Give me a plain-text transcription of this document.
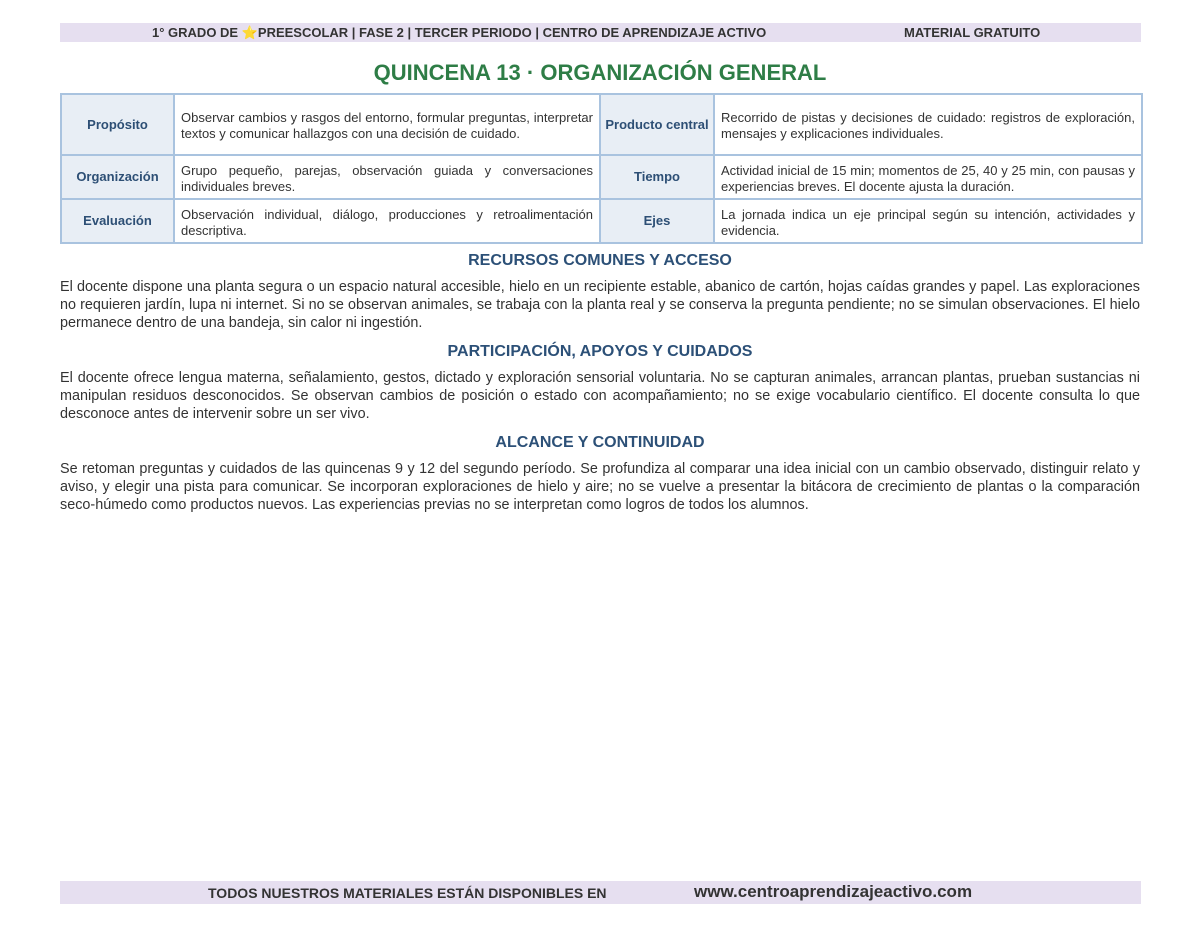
1° GRADO DE ⭐PREESCOLAR | FASE 2 | TERCER PERIODO | CENTRO DE APRENDIZAJE ACTIVO	MATERIAL GRATUITO
QUINCENA 13 · ORGANIZACIÓN GENERAL
Propósito	Observar cambios y rasgos del entorno, formular preguntas, interpretar textos y comunicar hallazgos con una decisión de cuidado.	Producto central	Recorrido de pistas y decisiones de cuidado: registros de exploración, mensajes y explicaciones individuales.
Organización	Grupo pequeño, parejas, observación guiada y conversaciones individuales breves.	Tiempo	Actividad inicial de 15 min; momentos de 25, 40 y 25 min, con pausas y experiencias breves. El docente ajusta la duración.
Evaluación	Observación individual, diálogo, producciones y retroalimentación descriptiva.	Ejes	La jornada indica un eje principal según su intención, actividades y evidencia.
RECURSOS COMUNES Y ACCESO
El docente dispone una planta segura o un espacio natural accesible, hielo en un recipiente estable, abanico de cartón, hojas caídas grandes y papel. Las exploraciones no requieren jardín, lupa ni internet. Si no se observan animales, se trabaja con la planta real y se conserva la pregunta pendiente; no se simulan observaciones. El hielo permanece dentro de una bandeja, sin calor ni ingestión.
PARTICIPACIÓN, APOYOS Y CUIDADOS
El docente ofrece lengua materna, señalamiento, gestos, dictado y exploración sensorial voluntaria. No se capturan animales, arrancan plantas, prueban sustancias ni manipulan residuos desconocidos. Se observan cambios de posición o estado con acompañamiento; no se exige vocabulario científico. El docente consulta lo que desconoce antes de intervenir sobre un ser vivo.
ALCANCE Y CONTINUIDAD
Se retoman preguntas y cuidados de las quincenas 9 y 12 del segundo período. Se profundiza al comparar una idea inicial con un cambio observado, distinguir relato y aviso, y elegir una pista para comunicar. Se incorporan exploraciones de hielo y aire; no se vuelve a presentar la bitácora de crecimiento de plantas o la comparación seco-húmedo como productos nuevos. Las experiencias previas no se interpretan como logros de todos los alumnos.
TODOS NUESTROS MATERIALES ESTÁN DISPONIBLES EN	www.centroaprendizajeactivo.com
